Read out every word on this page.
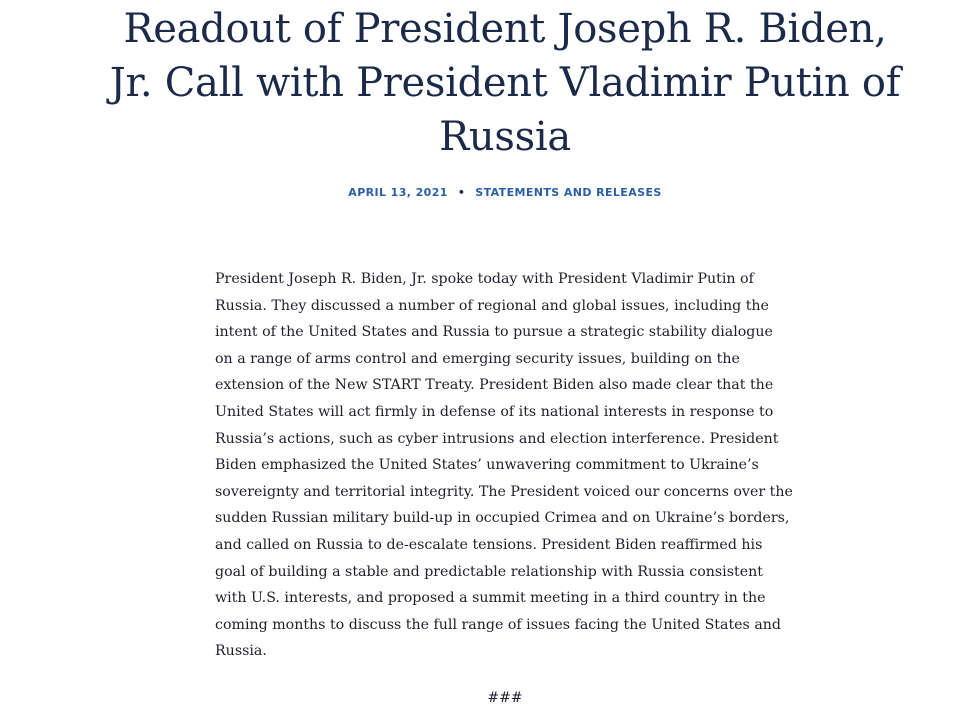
Readout of President Joseph R. Biden, Jr. Call with President Vladimir Putin of Russia
APRIL 13, 2021 • STATEMENTS AND RELEASES

President Joseph R. Biden, Jr. spoke today with President Vladimir Putin of Russia. They discussed a number of regional and global issues, including the intent of the United States and Russia to pursue a strategic stability dialogue on a range of arms control and emerging security issues, building on the extension of the New START Treaty. President Biden also made clear that the United States will act firmly in defense of its national interests in response to Russia’s actions, such as cyber intrusions and election interference. President Biden emphasized the United States’ unwavering commitment to Ukraine’s sovereignty and territorial integrity. The President voiced our concerns over the sudden Russian military build-up in occupied Crimea and on Ukraine’s borders, and called on Russia to de-escalate tensions. President Biden reaffirmed his goal of building a stable and predictable relationship with Russia consistent with U.S. interests, and proposed a summit meeting in a third country in the coming months to discuss the full range of issues facing the United States and Russia.

###
